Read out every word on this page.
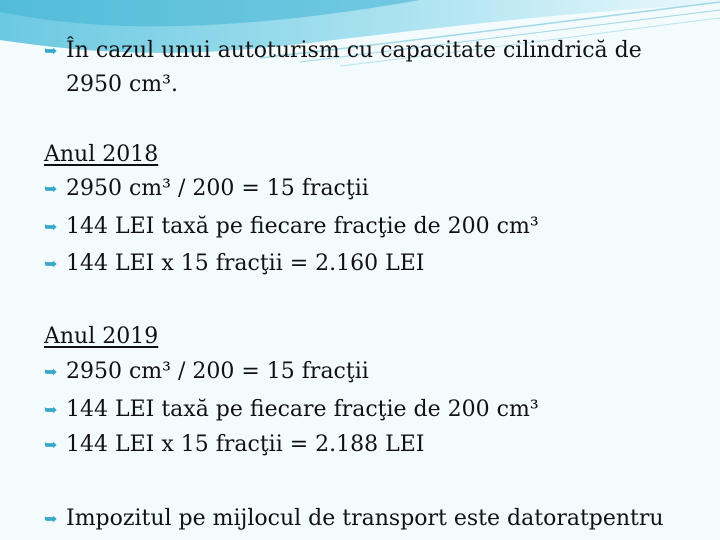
➥ În cazul unui autoturism cu capacitate cilindrică de
2950 cm³.
Anul 2018
➥ 2950 cm³ / 200 = 15 fracţii
➥ 144 LEI taxă pe fiecare fracţie de 200 cm³
➥ 144 LEI x 15 fracţii = 2.160 LEI
Anul 2019
➥ 2950 cm³ / 200 = 15 fracţii
➥ 144 LEI taxă pe fiecare fracţie de 200 cm³
➥ 144 LEI x 15 fracţii = 2.188 LEI
➥ Impozitul pe mijlocul de transport este datoratpentru
